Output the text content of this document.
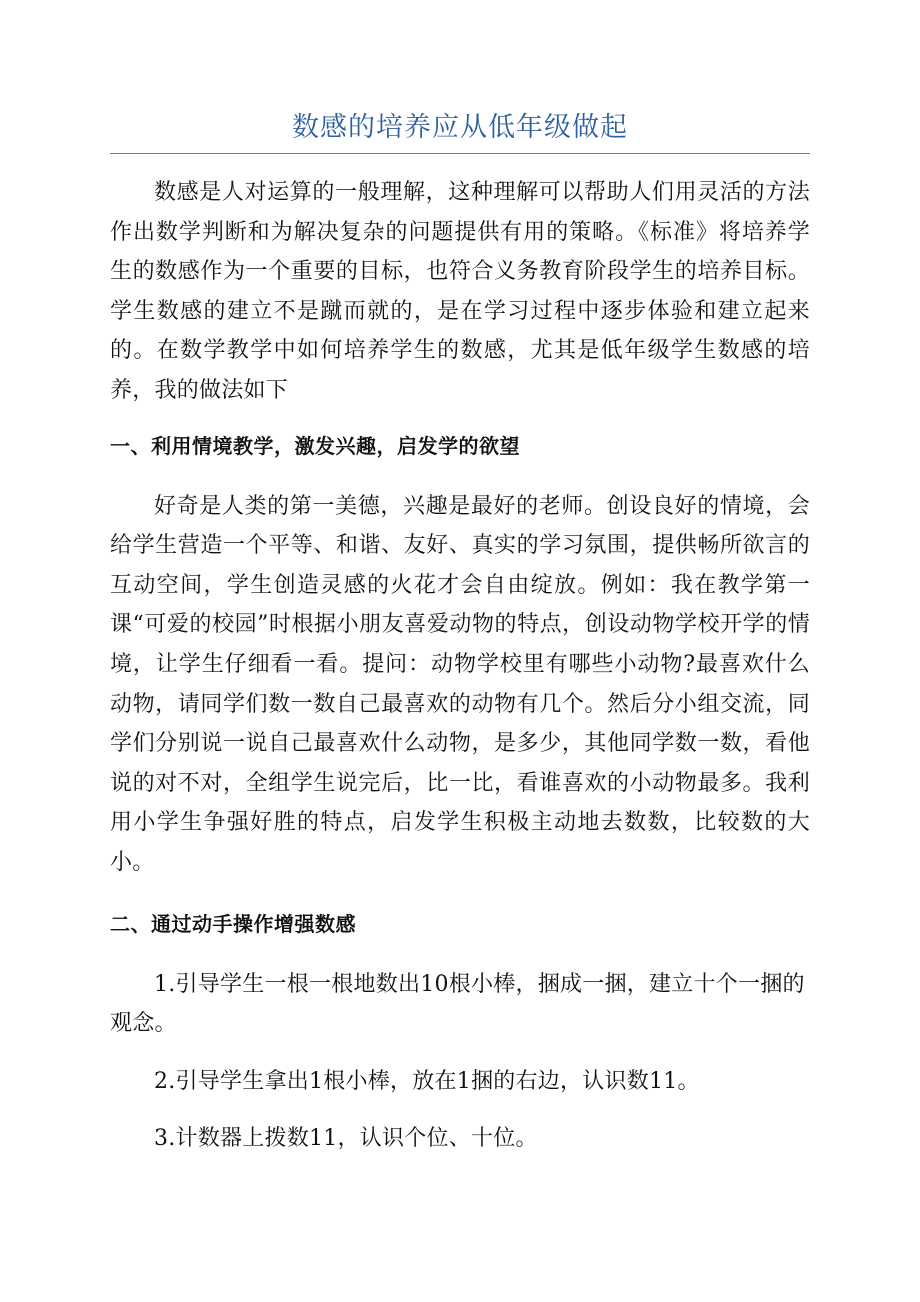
数感的培养应从低年级做起

数感是人对运算的一般理解，这种理解可以帮助人们用灵活的方法作出数学判断和为解决复杂的问题提供有用的策略。《标准》将培养学生的数感作为一个重要的目标，也符合义务教育阶段学生的培养目标。学生数感的建立不是蹴而就的，是在学习过程中逐步体验和建立起来的。在数学教学中如何培养学生的数感，尤其是低年级学生数感的培养，我的做法如下

一、利用情境教学，激发兴趣，启发学的欲望

好奇是人类的第一美德，兴趣是最好的老师。创设良好的情境，会给学生营造一个平等、和谐、友好、真实的学习氛围，提供畅所欲言的互动空间，学生创造灵感的火花才会自由绽放。例如：我在教学第一课“可爱的校园”时根据小朋友喜爱动物的特点，创设动物学校开学的情境，让学生仔细看一看。提问：动物学校里有哪些小动物?最喜欢什么动物，请同学们数一数自己最喜欢的动物有几个。然后分小组交流，同学们分别说一说自己最喜欢什么动物，是多少，其他同学数一数，看他说的对不对，全组学生说完后，比一比，看谁喜欢的小动物最多。我利用小学生争强好胜的特点，启发学生积极主动地去数数，比较数的大小。

二、通过动手操作增强数感

1.引导学生一根一根地数出10根小棒，捆成一捆，建立十个一捆的观念。

2.引导学生拿出1根小棒，放在1捆的右边，认识数11。

3.计数器上拨数11，认识个位、十位。
